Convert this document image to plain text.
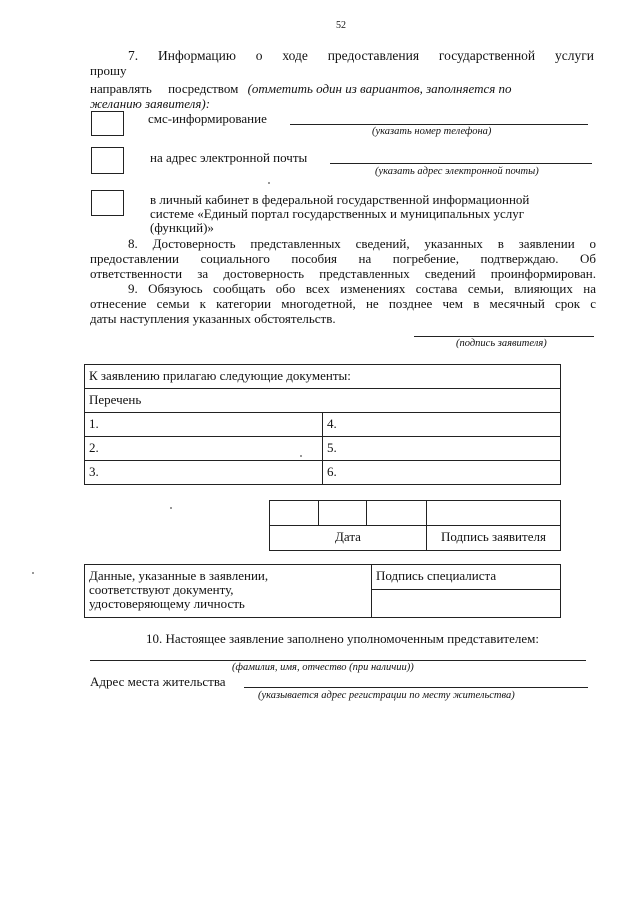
52
7. Информацию о ходе предоставления государственной услуги
прошу
направлять     посредством (отметить один из вариантов, заполняется по
желанию заявителя):
смс-информирование
(указать номер телефона)
на адрес электронной почты
(указать адрес электронной почты)
в личный кабинет в федеральной государственной информационной
системе «Единый портал государственных и муниципальных услуг
(функций)»
8. Достоверность представленных сведений, указанных в заявлении о
предоставлении социального пособия на погребение, подтверждаю. Об
ответственности за достоверность представленных сведений проинформирован.
9. Обязуюсь сообщать обо всех изменениях состава семьи, влияющих на
отнесение семьи к категории многодетной, не позднее чем в месячный срок с
даты наступления указанных обстоятельств.
(подпись заявителя)
К заявлению прилагаю следующие документы:
Перечень
1.	4.
2.	5.
3.	6.
Дата	Подпись заявителя
Данные, указанные в заявлении,
соответствуют документу,
удостоверяющему личность
Подпись специалиста
10. Настоящее заявление заполнено уполномоченным представителем:
(фамилия, имя, отчество (при наличии))
Адрес места жительства
(указывается адрес регистрации по месту жительства)
